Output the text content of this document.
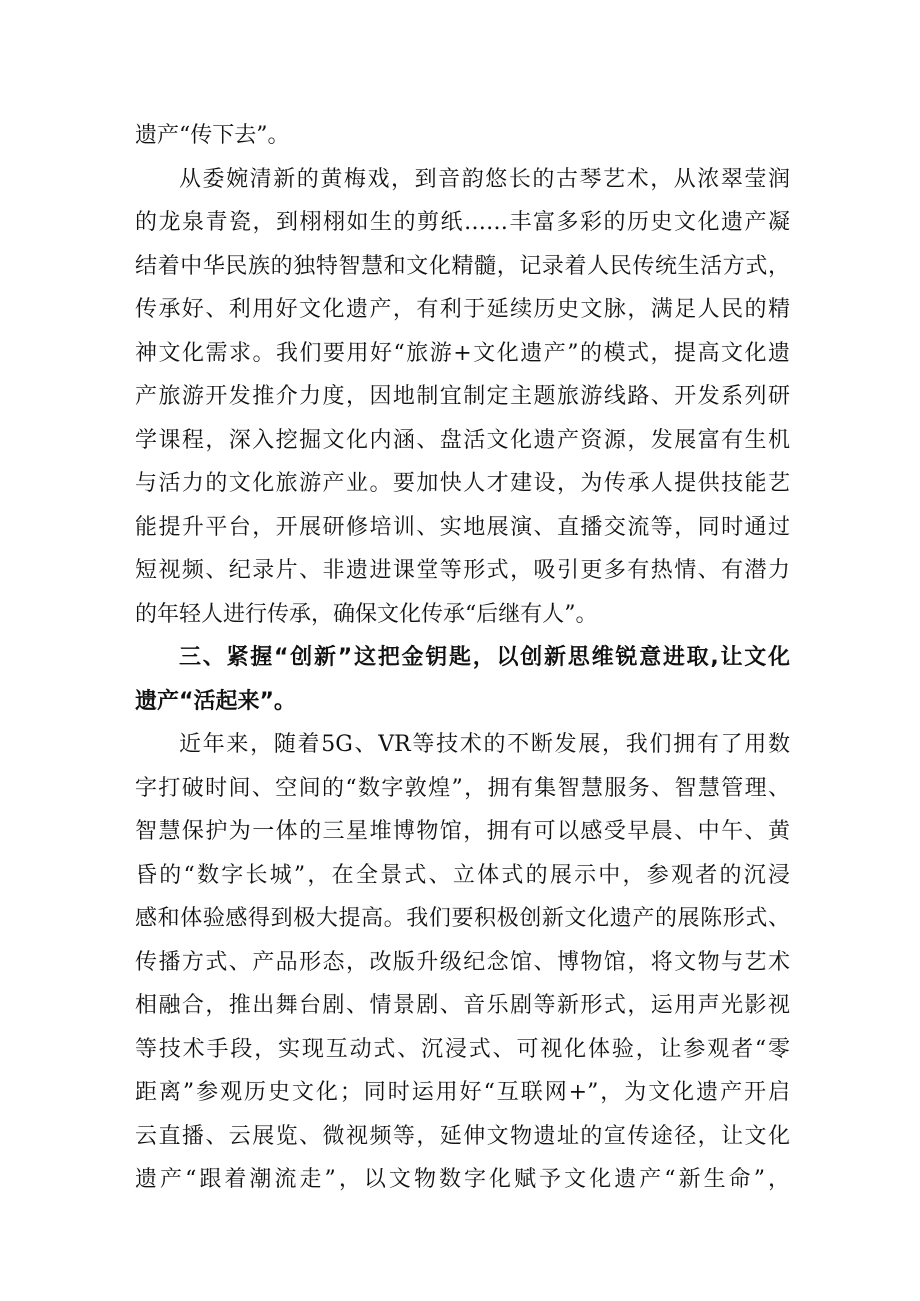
遗产“传下去”。
从委婉清新的黄梅戏，到音韵悠长的古琴艺术，从浓翠莹润
的龙泉青瓷，到栩栩如生的剪纸……丰富多彩的历史文化遗产凝
结着中华民族的独特智慧和文化精髓，记录着人民传统生活方式，
传承好、利用好文化遗产，有利于延续历史文脉，满足人民的精
神文化需求。我们要用好“旅游+文化遗产”的模式，提高文化遗
产旅游开发推介力度，因地制宜制定主题旅游线路、开发系列研
学课程，深入挖掘文化内涵、盘活文化遗产资源，发展富有生机
与活力的文化旅游产业。要加快人才建设，为传承人提供技能艺
能提升平台，开展研修培训、实地展演、直播交流等，同时通过
短视频、纪录片、非遗进课堂等形式，吸引更多有热情、有潜力
的年轻人进行传承，确保文化传承“后继有人”。
三、紧握“创新”这把金钥匙，以创新思维锐意进取,让文化
遗产“活起来”。
近年来，随着5G、VR等技术的不断发展，我们拥有了用数
字打破时间、空间的“数字敦煌”，拥有集智慧服务、智慧管理、
智慧保护为一体的三星堆博物馆，拥有可以感受早晨、中午、黄
昏的“数字长城”，在全景式、立体式的展示中，参观者的沉浸
感和体验感得到极大提高。我们要积极创新文化遗产的展陈形式、
传播方式、产品形态，改版升级纪念馆、博物馆，将文物与艺术
相融合，推出舞台剧、情景剧、音乐剧等新形式，运用声光影视
等技术手段，实现互动式、沉浸式、可视化体验，让参观者“零
距离”参观历史文化；同时运用好“互联网+”，为文化遗产开启
云直播、云展览、微视频等，延伸文物遗址的宣传途径，让文化
遗产“跟着潮流走”，以文物数字化赋予文化遗产“新生命”，
